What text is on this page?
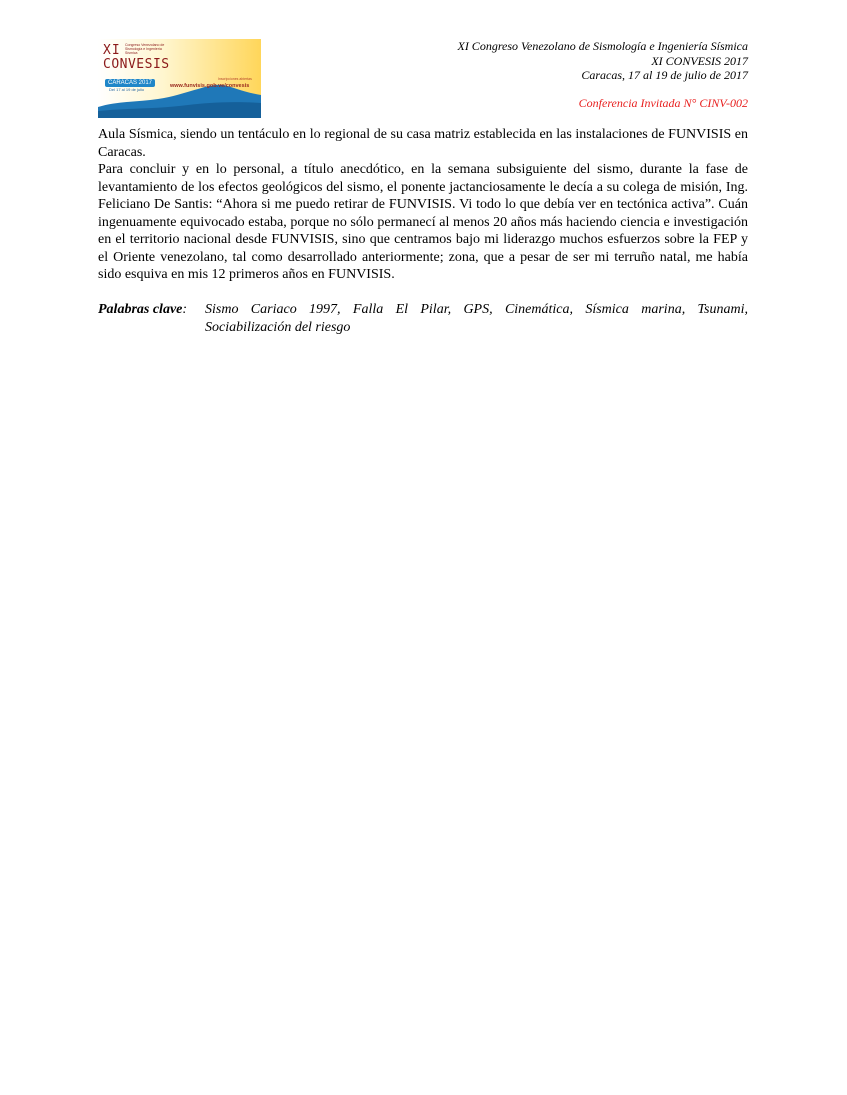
XI Congreso Venezolano de Sismología e Ingeniería Sísmica
CONVESIS
Inscripciones abiertas
CARACAS 2017	www.funvisis.gob.ve/convesis
Del 17 al 19 de julio
XI Congreso Venezolano de Sismología e Ingeniería Sísmica
XI CONVESIS 2017
Caracas, 17 al 19 de julio de 2017
Conferencia Invitada N° CINV-002

Aula Sísmica, siendo un tentáculo en lo regional de su casa matriz establecida en las instalaciones de FUNVISIS en Caracas.

Para concluir y en lo personal, a título anecdótico, en la semana subsiguiente del sismo, durante la fase de levantamiento de los efectos geológicos del sismo, el ponente jactanciosamente le decía a su colega de misión, Ing. Feliciano De Santis: “Ahora si me puedo retirar de FUNVISIS. Vi todo lo que debía ver en tectónica activa”. Cuán ingenuamente equivocado estaba, porque no sólo permanecí al menos 20 años más haciendo ciencia e investigación en el territorio nacional desde FUNVISIS, sino que centramos bajo mi liderazgo muchos esfuerzos sobre la FEP y el Oriente venezolano, tal como desarrollado anteriormente; zona, que a pesar de ser mi terruño natal, me había sido esquiva en mis 12 primeros años en FUNVISIS.

Palabras clave:	Sismo Cariaco 1997, Falla El Pilar, GPS, Cinemática, Sísmica marina, Tsunami, Sociabilización del riesgo
